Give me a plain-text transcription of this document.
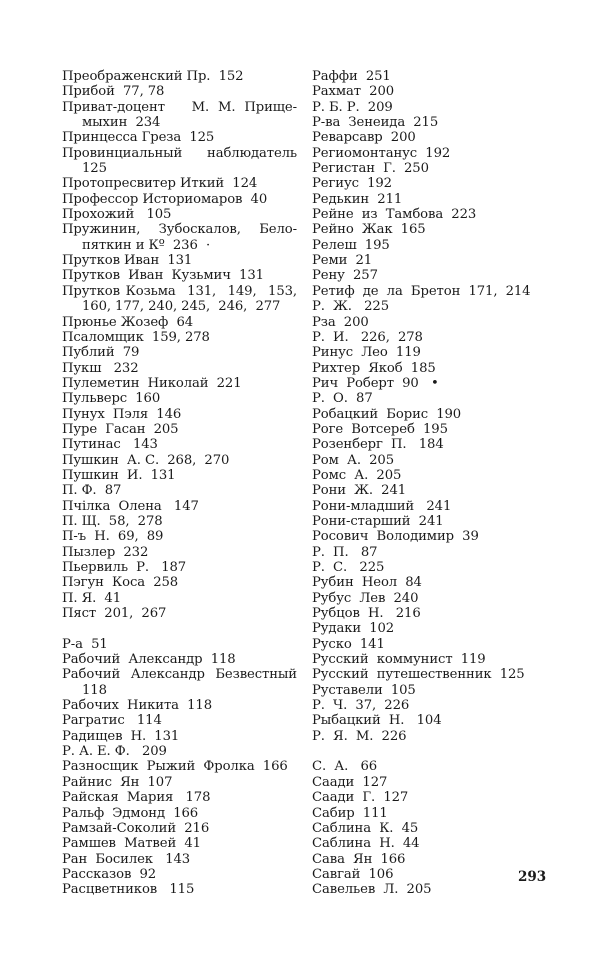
Преображенский Пр.  152
Прибой  77, 78
Приват-доцент   М. М. Прище-
мыхин  234
Принцесса Греза  125
Провинциальный   наблюдатель
125
Протопресвитер Иткий  124
Профессор Историомаров  40
Прохожий   105
Пружинин,  Зубоскалов,  Бело-
пяткин и Кº  236  ·
Прутков Иван  131
Прутков  Иван  Кузьмич  131
Прутков Козьма  131,  149,  153,
160, 177, 240, 245,  246,  277
Прюнье Жозеф  64
Псаломщик  159, 278
Публий  79
Пукш   232
Пулеметин  Николай  221
Пульверс  160
Пунух  Пэля  146
Пуре  Гасан  205
Путинас   143
Пушкин  А. С.  268,  270
Пушкин  И.  131
П. Ф.  87
Пчiлка  Олена   147
П. Щ.  58,  278
П-ъ  Н.  69,  89
Пызлер  232
Пьервиль  Р.   187
Пэгун  Коса  258
П. Я.  41
Пяст  201,  267
Р-а  51
Рабочий  Александр  118
Рабочий  Александр  Безвестный
118
Рабочих  Никита  118
Рагратис   114
Радищев  Н.  131
Р. А. Е. Ф.   209
Разносщик  Рыжий  Фролка  166
Райнис  Ян  107
Райская  Мария   178
Ральф  Эдмонд  166
Рамзай-Соколий  216
Рамшев  Матвей  41
Ран  Босилек   143
Рассказов  92
Расцветников   115
Раффи  251
Рахмат  200
Р. Б. Р.  209
Р-ва  Зенеида  215
Реварсавр  200
Региомонтанус  192
Регистан  Г.  250
Региус  192
Редькин  211
Рейне  из  Тамбова  223
Рейно  Жак  165
Релеш  195
Реми  21
Рену  257
Ретиф  де  ла  Бретон  171,  214
Р.  Ж.   225
Рза  200
Р.  И.   226,  278
Ринус  Лео  119
Рихтер  Якоб  185
Рич  Роберт  90   •
Р.  О.  87
Робацкий  Борис  190
Роге  Вотсереб  195
Розенберг  П.   184
Ром  А.  205
Ромс  А.  205
Рони  Ж.  241
Рони-младший   241
Рони-старший  241
Росович  Володимир  39
Р.  П.   87
Р.  С.   225
Рубин  Неол  84
Рубус  Лев  240
Рубцов  Н.   216
Рудаки  102
Руско  141
Русский  коммунист  119
Русский  путешественник  125
Руставели  105
Р.  Ч.  37,  226
Рыбацкий  Н.   104
Р.  Я.  М.  226
С.  А.   66
Саади  127
Саади  Г.  127
Сабир  111
Саблина  К.  45
Саблина  Н.  44
Сава  Ян  166
Савгай  106
Савельев  Л.  205
293
